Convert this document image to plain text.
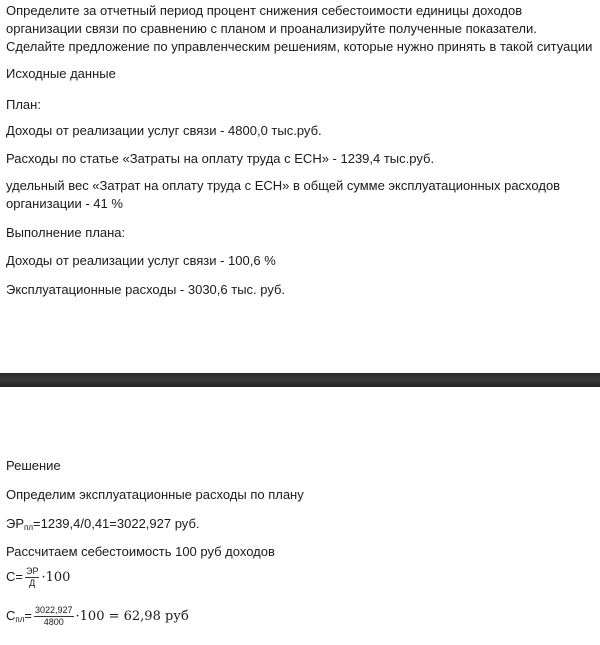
Определите за отчетный период процент снижения себестоимости единицы доходов организации связи по сравнению с планом и проанализируйте полученные показатели. Сделайте предложение по управленческим решениям, которые нужно принять в такой ситуации
Исходные данные
План:
Доходы от реализации услуг связи - 4800,0 тыс.руб.
Расходы по статье «Затраты на оплату труда с ЕСН» - 1239,4 тыс.руб.
удельный вес «Затрат на оплату труда с ЕСН» в общей сумме эксплуатационных расходов организации - 41 %
Выполнение плана:
Доходы от реализации услуг связи - 100,6 %
Эксплуатационные расходы - 3030,6 тыс. руб.
Решение
Определим эксплуатационные расходы по плану
$ЭР_{пл}=1239,4/0,41=3022,927$ руб.
Рассчитаем себестоимость 100 руб доходов
$C= \frac{ЭР}{Д} \cdot 100$
$C_{пл}= \frac{3022,927}{4800} \cdot 100 = 62,98$ руб
